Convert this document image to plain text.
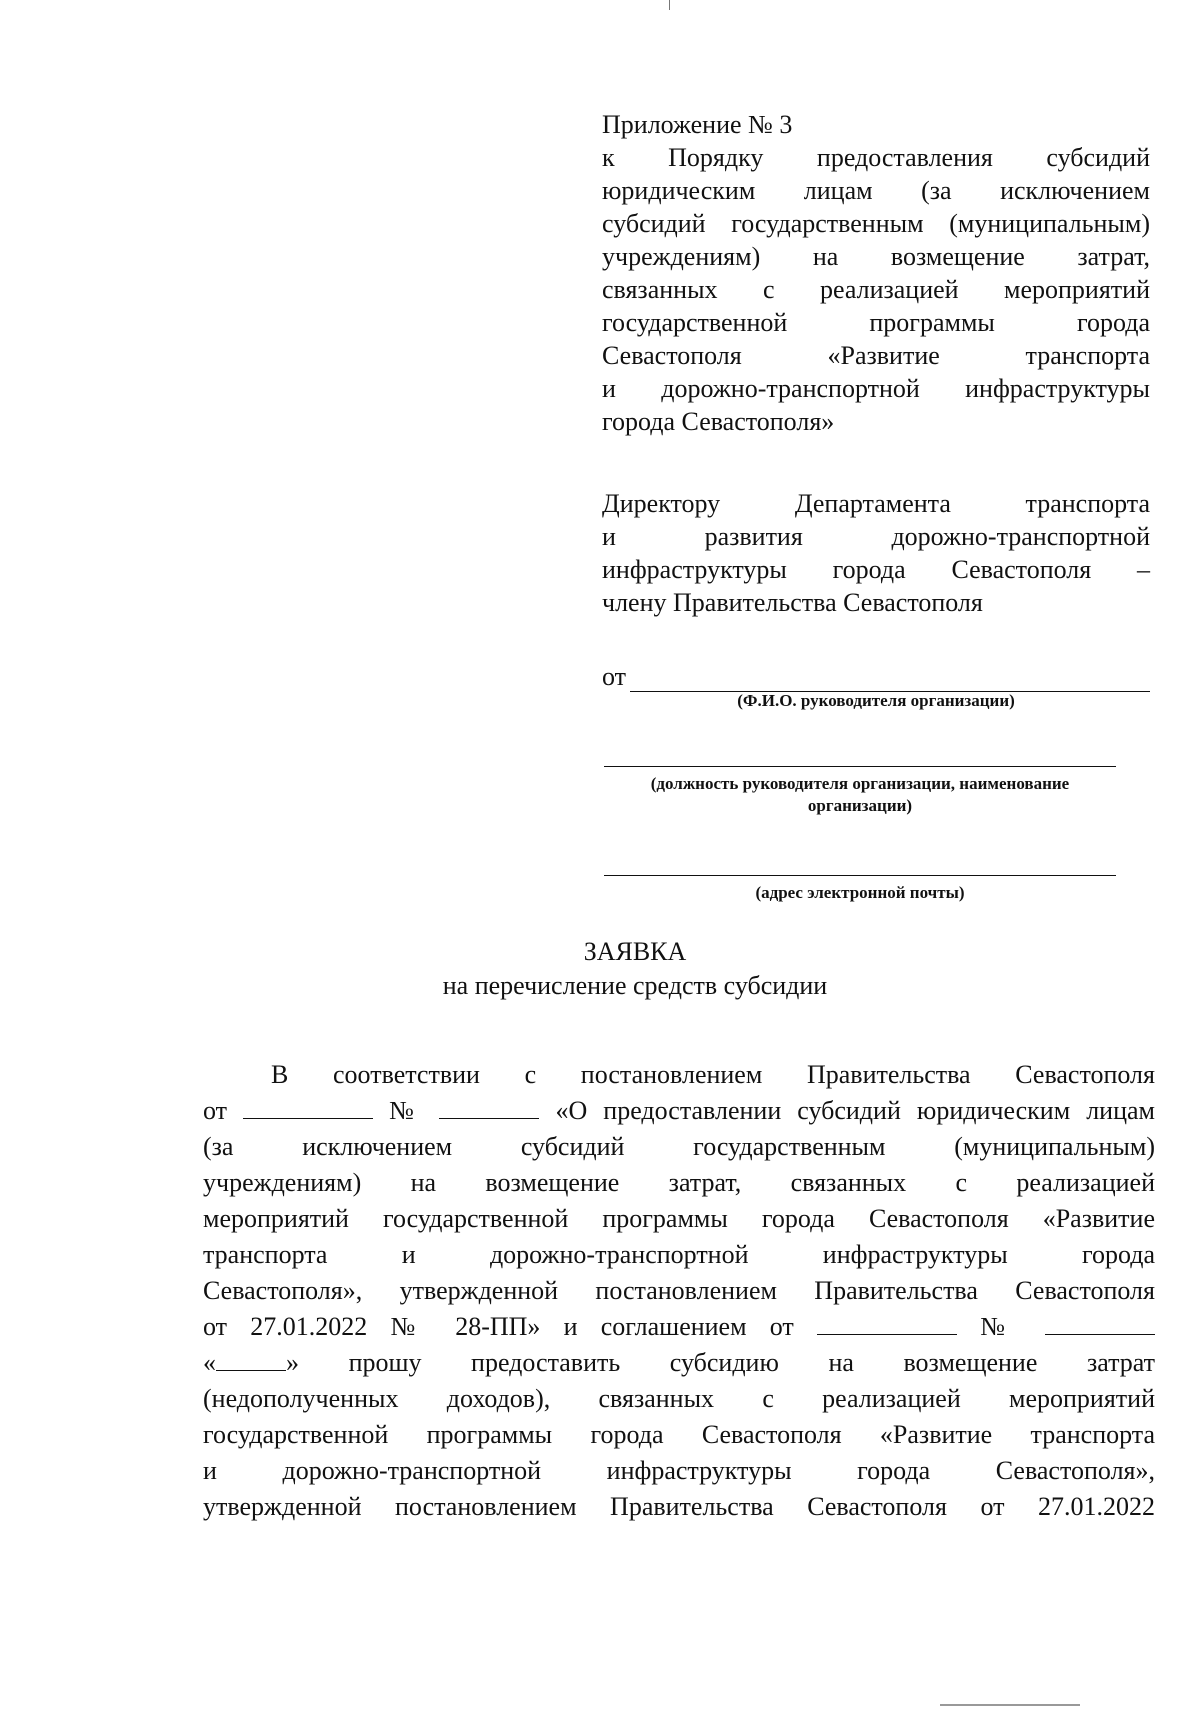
Приложение № 3
к Порядку предоставления субсидий
юридическим лицам (за исключением
субсидий государственным (муниципальным)
учреждениям) на возмещение затрат,
связанных с реализацией мероприятий
государственной программы города
Севастополя «Развитие транспорта
и дорожно-транспортной инфраструктуры
города Севастополя»
Директору Департамента транспорта
и развития дорожно-транспортной
инфраструктуры города Севастополя –
члену Правительства Севастополя
от
(Ф.И.О. руководителя организации)
(должность руководителя организации, наименование организации)
(адрес электронной почты)
ЗАЯВКА
на перечисление средств субсидии
В соответствии с постановлением Правительства Севастополя
от	№	«О предоставлении субсидий юридическим лицам
(за исключением субсидий государственным (муниципальным)
учреждениям) на возмещение затрат, связанных с реализацией
мероприятий государственной программы города Севастополя «Развитие
транспорта и дорожно-транспортной инфраструктуры города
Севастополя», утвержденной постановлением Правительства Севастополя
от 27.01.2022 № 28-ПП» и соглашением от	№
«	» прошу предоставить субсидию на возмещение затрат
(недополученных доходов), связанных с реализацией мероприятий
государственной программы города Севастополя «Развитие транспорта
и дорожно-транспортной инфраструктуры города Севастополя»,
утвержденной постановлением Правительства Севастополя от 27.01.2022
